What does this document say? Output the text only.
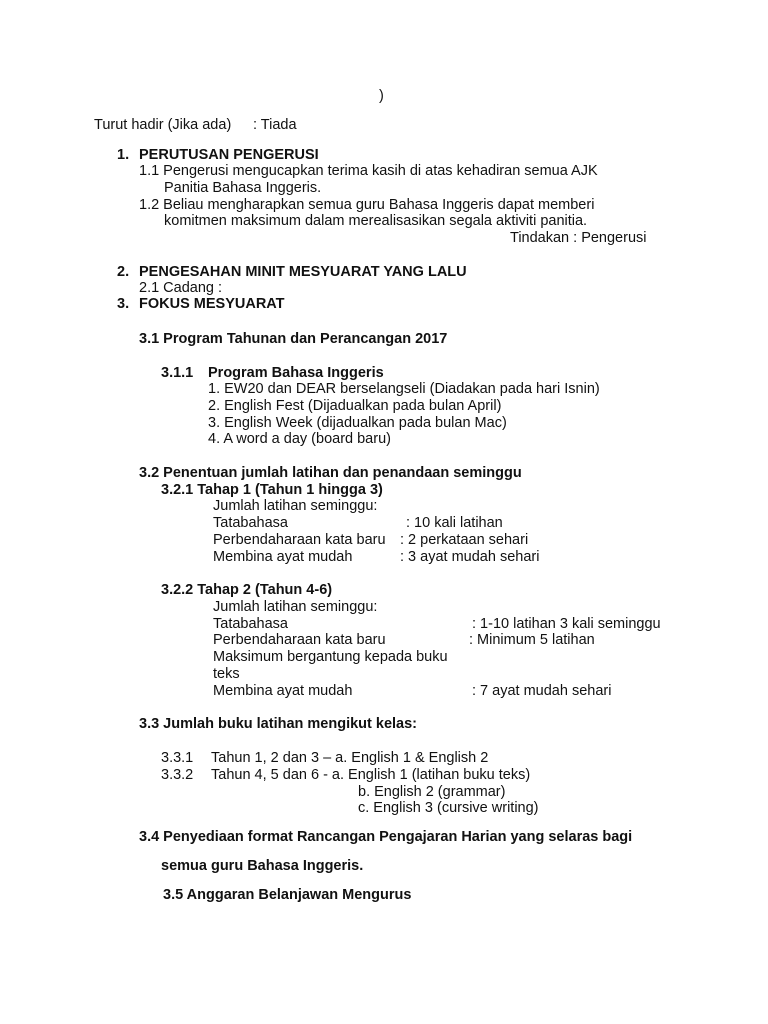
)
Turut hadir (Jika ada) : Tiada
1. PERUTUSAN PENGERUSI
1.1 Pengerusi mengucapkan terima kasih di atas kehadiran semua AJK
Panitia Bahasa Inggeris.
1.2 Beliau mengharapkan semua guru Bahasa Inggeris dapat memberi
komitmen maksimum dalam merealisasikan segala aktiviti panitia.
Tindakan : Pengerusi
2. PENGESAHAN MINIT MESYUARAT YANG LALU
2.1 Cadang :
3. FOKUS MESYUARAT
3.1 Program Tahunan dan Perancangan 2017
3.1.1 Program Bahasa Inggeris
1. EW20 dan DEAR berselangseli (Diadakan pada hari Isnin)
2. English Fest (Dijadualkan pada bulan April)
3. English Week (dijadualkan pada bulan Mac)
4. A word a day (board baru)
3.2 Penentuan jumlah latihan dan penandaan seminggu
3.2.1 Tahap 1 (Tahun 1 hingga 3)
Jumlah latihan seminggu:
Tatabahasa	: 10 kali latihan
Perbendaharaan kata baru : 2 perkataan sehari
Membina ayat mudah	: 3 ayat mudah sehari
3.2.2 Tahap 2 (Tahun 4-6)
Jumlah latihan seminggu:
Tatabahasa	: 1-10 latihan 3 kali seminggu
Perbendaharaan kata baru	: Minimum 5 latihan
Maksimum bergantung kepada buku
teks
Membina ayat mudah	: 7 ayat mudah sehari
3.3 Jumlah buku latihan mengikut kelas:
3.3.1 Tahun 1, 2 dan 3 – a. English 1 & English 2
3.3.2 Tahun 4, 5 dan 6 - a. English 1 (latihan buku teks)
b. English 2 (grammar)
c. English 3 (cursive writing)
3.4 Penyediaan format Rancangan Pengajaran Harian yang selaras bagi
semua guru Bahasa Inggeris.
3.5 Anggaran Belanjawan Mengurus
